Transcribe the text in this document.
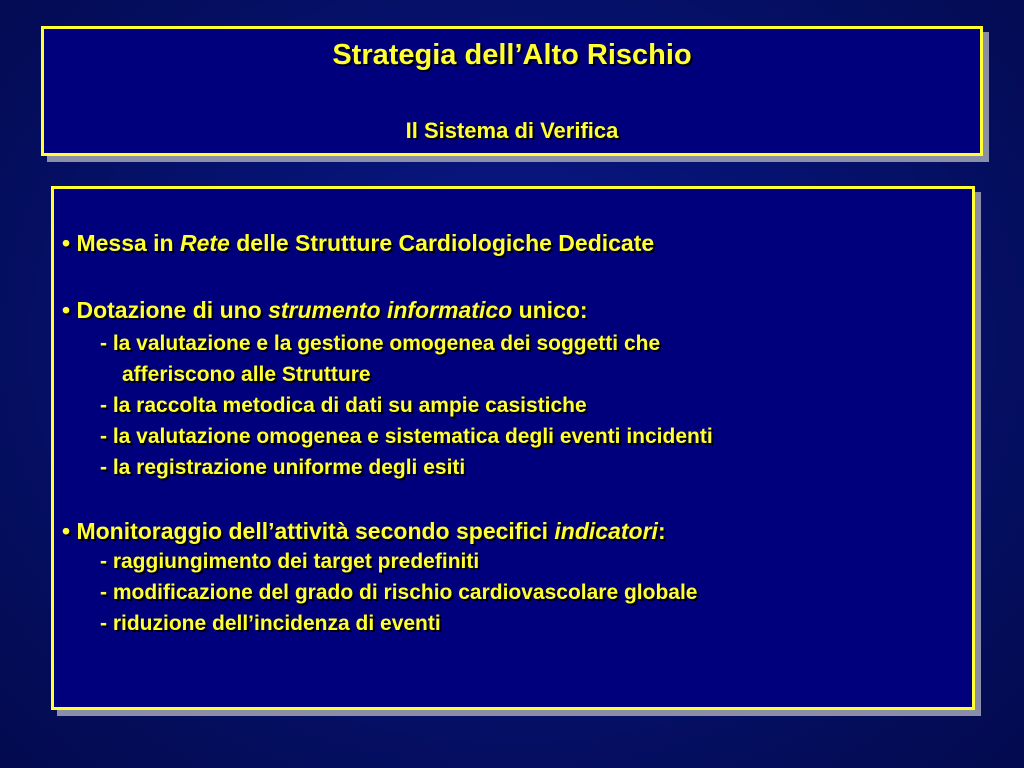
Strategia dell’Alto Rischio
Il Sistema di Verifica
• Messa in Rete delle Strutture Cardiologiche Dedicate
• Dotazione di uno strumento informatico unico:
- la valutazione e la gestione omogenea dei soggetti che
afferiscono alle Strutture
- la raccolta metodica di dati su ampie casistiche
- la valutazione omogenea e sistematica degli eventi incidenti
- la registrazione uniforme degli esiti
• Monitoraggio dell’attività secondo specifici indicatori:
- raggiungimento dei target predefiniti
- modificazione del grado di rischio cardiovascolare globale
- riduzione dell’incidenza di eventi
